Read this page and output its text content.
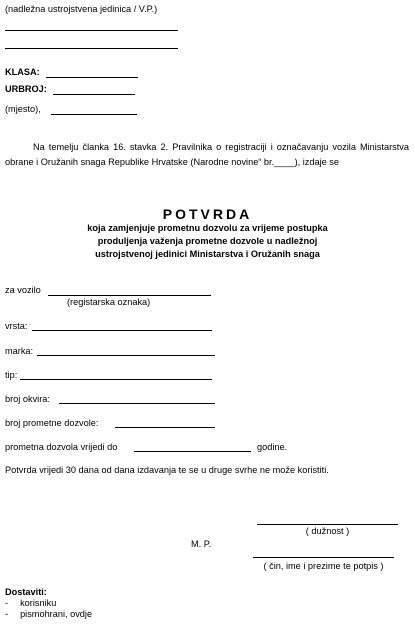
(nadležna ustrojstvena jedinica / V.P.)
KLASA:
URBROJ:
(mjesto),
Na temelju članka 16. stavka 2. Pravilnika o registraciji i označavanju vozila Ministarstva obrane i Oružanih snaga Republike Hrvatske (Narodne novine“ br.____), izdaje se
POTVRDA
koja zamjenjuje prometnu dozvolu za vrijeme postupka
produljenja važenja prometne dozvole u nadležnoj
ustrojstvenoj jedinici Ministarstva i Oružanih snaga
za vozilo
(registarska oznaka)
vrsta:
marka:
tip:
broj okvira:
broj prometne dozvole:
prometna dozvola vrijedi do	godine.
Potvrda vrijedi 30 dana od dana izdavanja te se u druge svrhe ne može koristiti.
( dužnost )
M. P.
( čin, ime i prezime te potpis )
Dostaviti:
- korisniku
- pismohrani, ovdje
